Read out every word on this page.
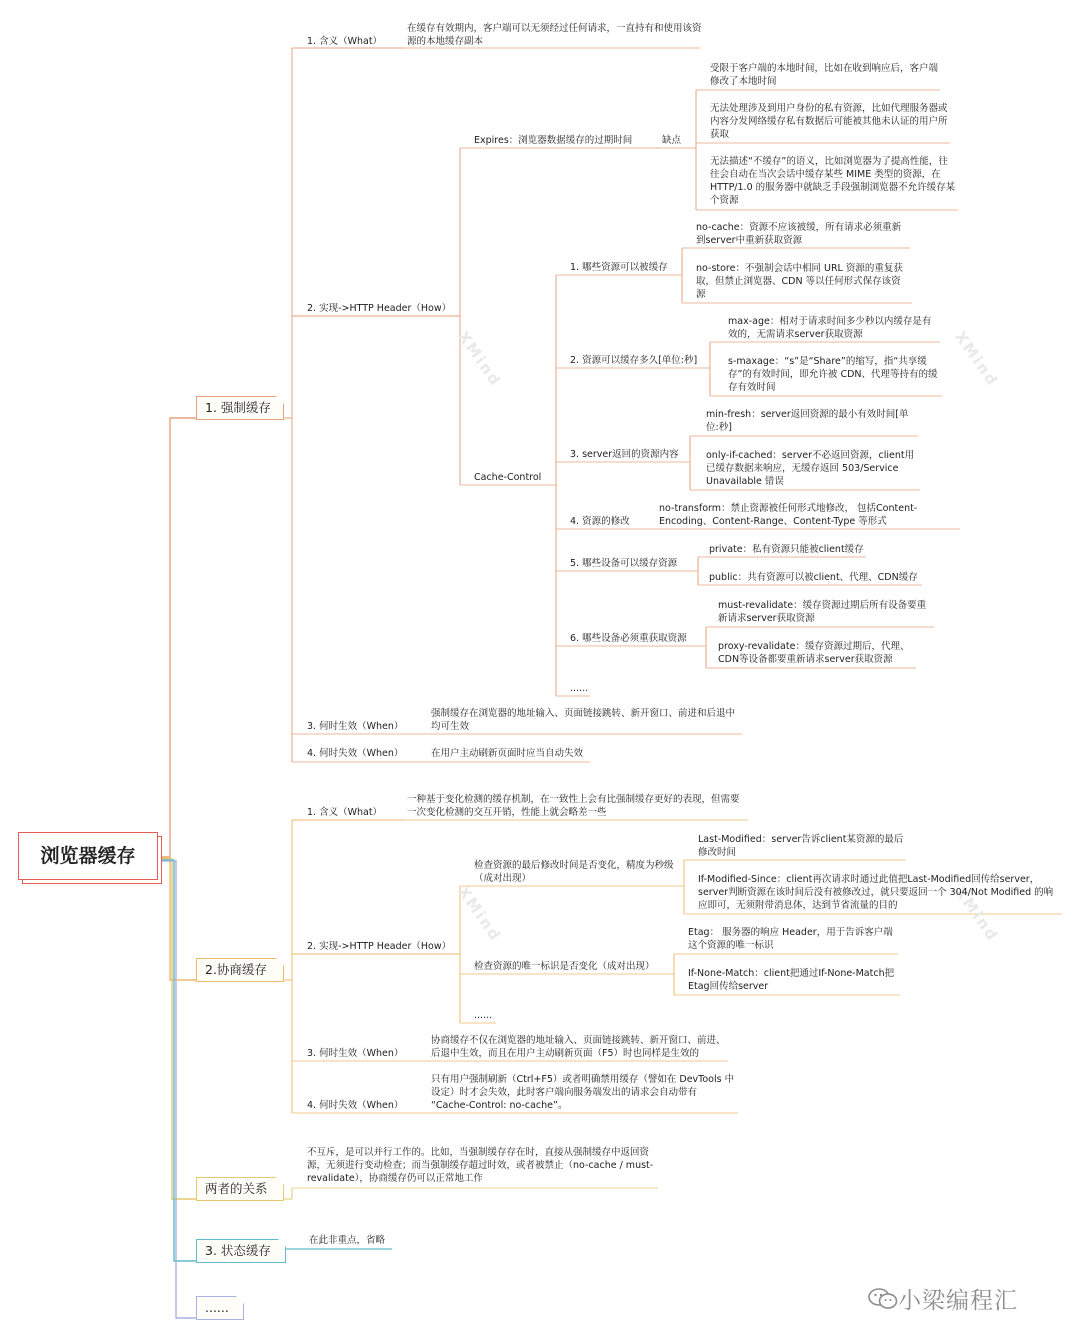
XMind	XMind
XMind	XMind
浏览器缓存
1. 强制缓存
2.协商缓存
两者的关系
3. 状态缓存
......

1. 含义（What）

在缓存有效期内，客户端可以无须经过任何请求，一直持有和使用该资源的本地缓存副本

2. 实现->HTTP Header（How）

Expires：浏览器数据缓存的过期时间	缺点

受限于客户端的本地时间，比如在收到响应后，客户端修改了本地时间

无法处理涉及到用户身份的私有资源，比如代理服务器或内容分发网络缓存私有数据后可能被其他未认证的用户所获取

无法描述“不缓存”的语义，比如浏览器为了提高性能，往往会自动在当次会话中缓存某些 MIME 类型的资源，在 HTTP/1.0 的服务器中就缺乏手段强制浏览器不允许缓存某个资源

Cache-Control

1. 哪些资源可以被缓存

no-cache：资源不应该被缓，所有请求必须重新到server中重新获取资源

no-store：不强制会话中相同 URL 资源的重复获取，但禁止浏览器、CDN 等以任何形式保存该资源

2. 资源可以缓存多久[单位:秒]

max-age：相对于请求时间多少秒以内缓存是有效的，无需请求server获取资源

s-maxage：“s”是“Share”的缩写，指“共享缓存”的有效时间，即允许被 CDN、代理等持有的缓存有效时间

3. server返回的资源内容

min-fresh：server返回资源的最小有效时间[单位:秒]

only-if-cached：server不必返回资源，client用已缓存数据来响应，无缓存返回 503/Service Unavailable 错误

4. 资源的修改

no-transform：禁止资源被任何形式地修改， 包括Content-Encoding、Content-Range、Content-Type 等形式

5. 哪些设备可以缓存资源

private：私有资源只能被client缓存

public：共有资源可以被client、代理、CDN缓存

6. 哪些设备必须重获取资源

must-revalidate：缓存资源过期后所有设备要重新请求server获取资源

proxy-revalidate：缓存资源过期后，代理、CDN等设备都要重新请求server获取资源

......

3. 何时生效（When）

强制缓存在浏览器的地址输入、页面链接跳转、新开窗口、前进和后退中均可生效

4. 何时失效（When）	在用户主动刷新页面时应当自动失效

1. 含义（What）

一种基于变化检测的缓存机制，在一致性上会有比强制缓存更好的表现，但需要一次变化检测的交互开销，性能上就会略差一些

2. 实现->HTTP Header（How）

检查资源的最后修改时间是否变化，精度为秒级（成对出现）

Last-Modified：server告诉client某资源的最后修改时间

If-Modified-Since：client再次请求时通过此值把Last-Modified回传给server，server判断资源在该时间后没有被修改过，就只要返回一个 304/Not Modified 的响应即可，无须附带消息体，达到节省流量的目的

检查资源的唯一标识是否变化（成对出现）

Etag： 服务器的响应 Header，用于告诉客户端这个资源的唯一标识

If-None-Match：client把通过If-None-Match把Etag回传给server

......

3. 何时生效（When）

协商缓存不仅在浏览器的地址输入、页面链接跳转、新开窗口、前进、后退中生效，而且在用户主动刷新页面（F5）时也同样是生效的

4. 何时失效（When）

只有用户强制刷新（Ctrl+F5）或者明确禁用缓存（譬如在 DevTools 中设定）时才会失效，此时客户端向服务端发出的请求会自动带有 “Cache-Control: no-cache”。

不互斥，是可以并行工作的。比如，当强制缓存存在时，直接从强制缓存中返回资源，无须进行变动检查；而当强制缓存超过时效，或者被禁止（no-cache / must-revalidate），协商缓存仍可以正常地工作

在此非重点，省略

小梁编程汇
